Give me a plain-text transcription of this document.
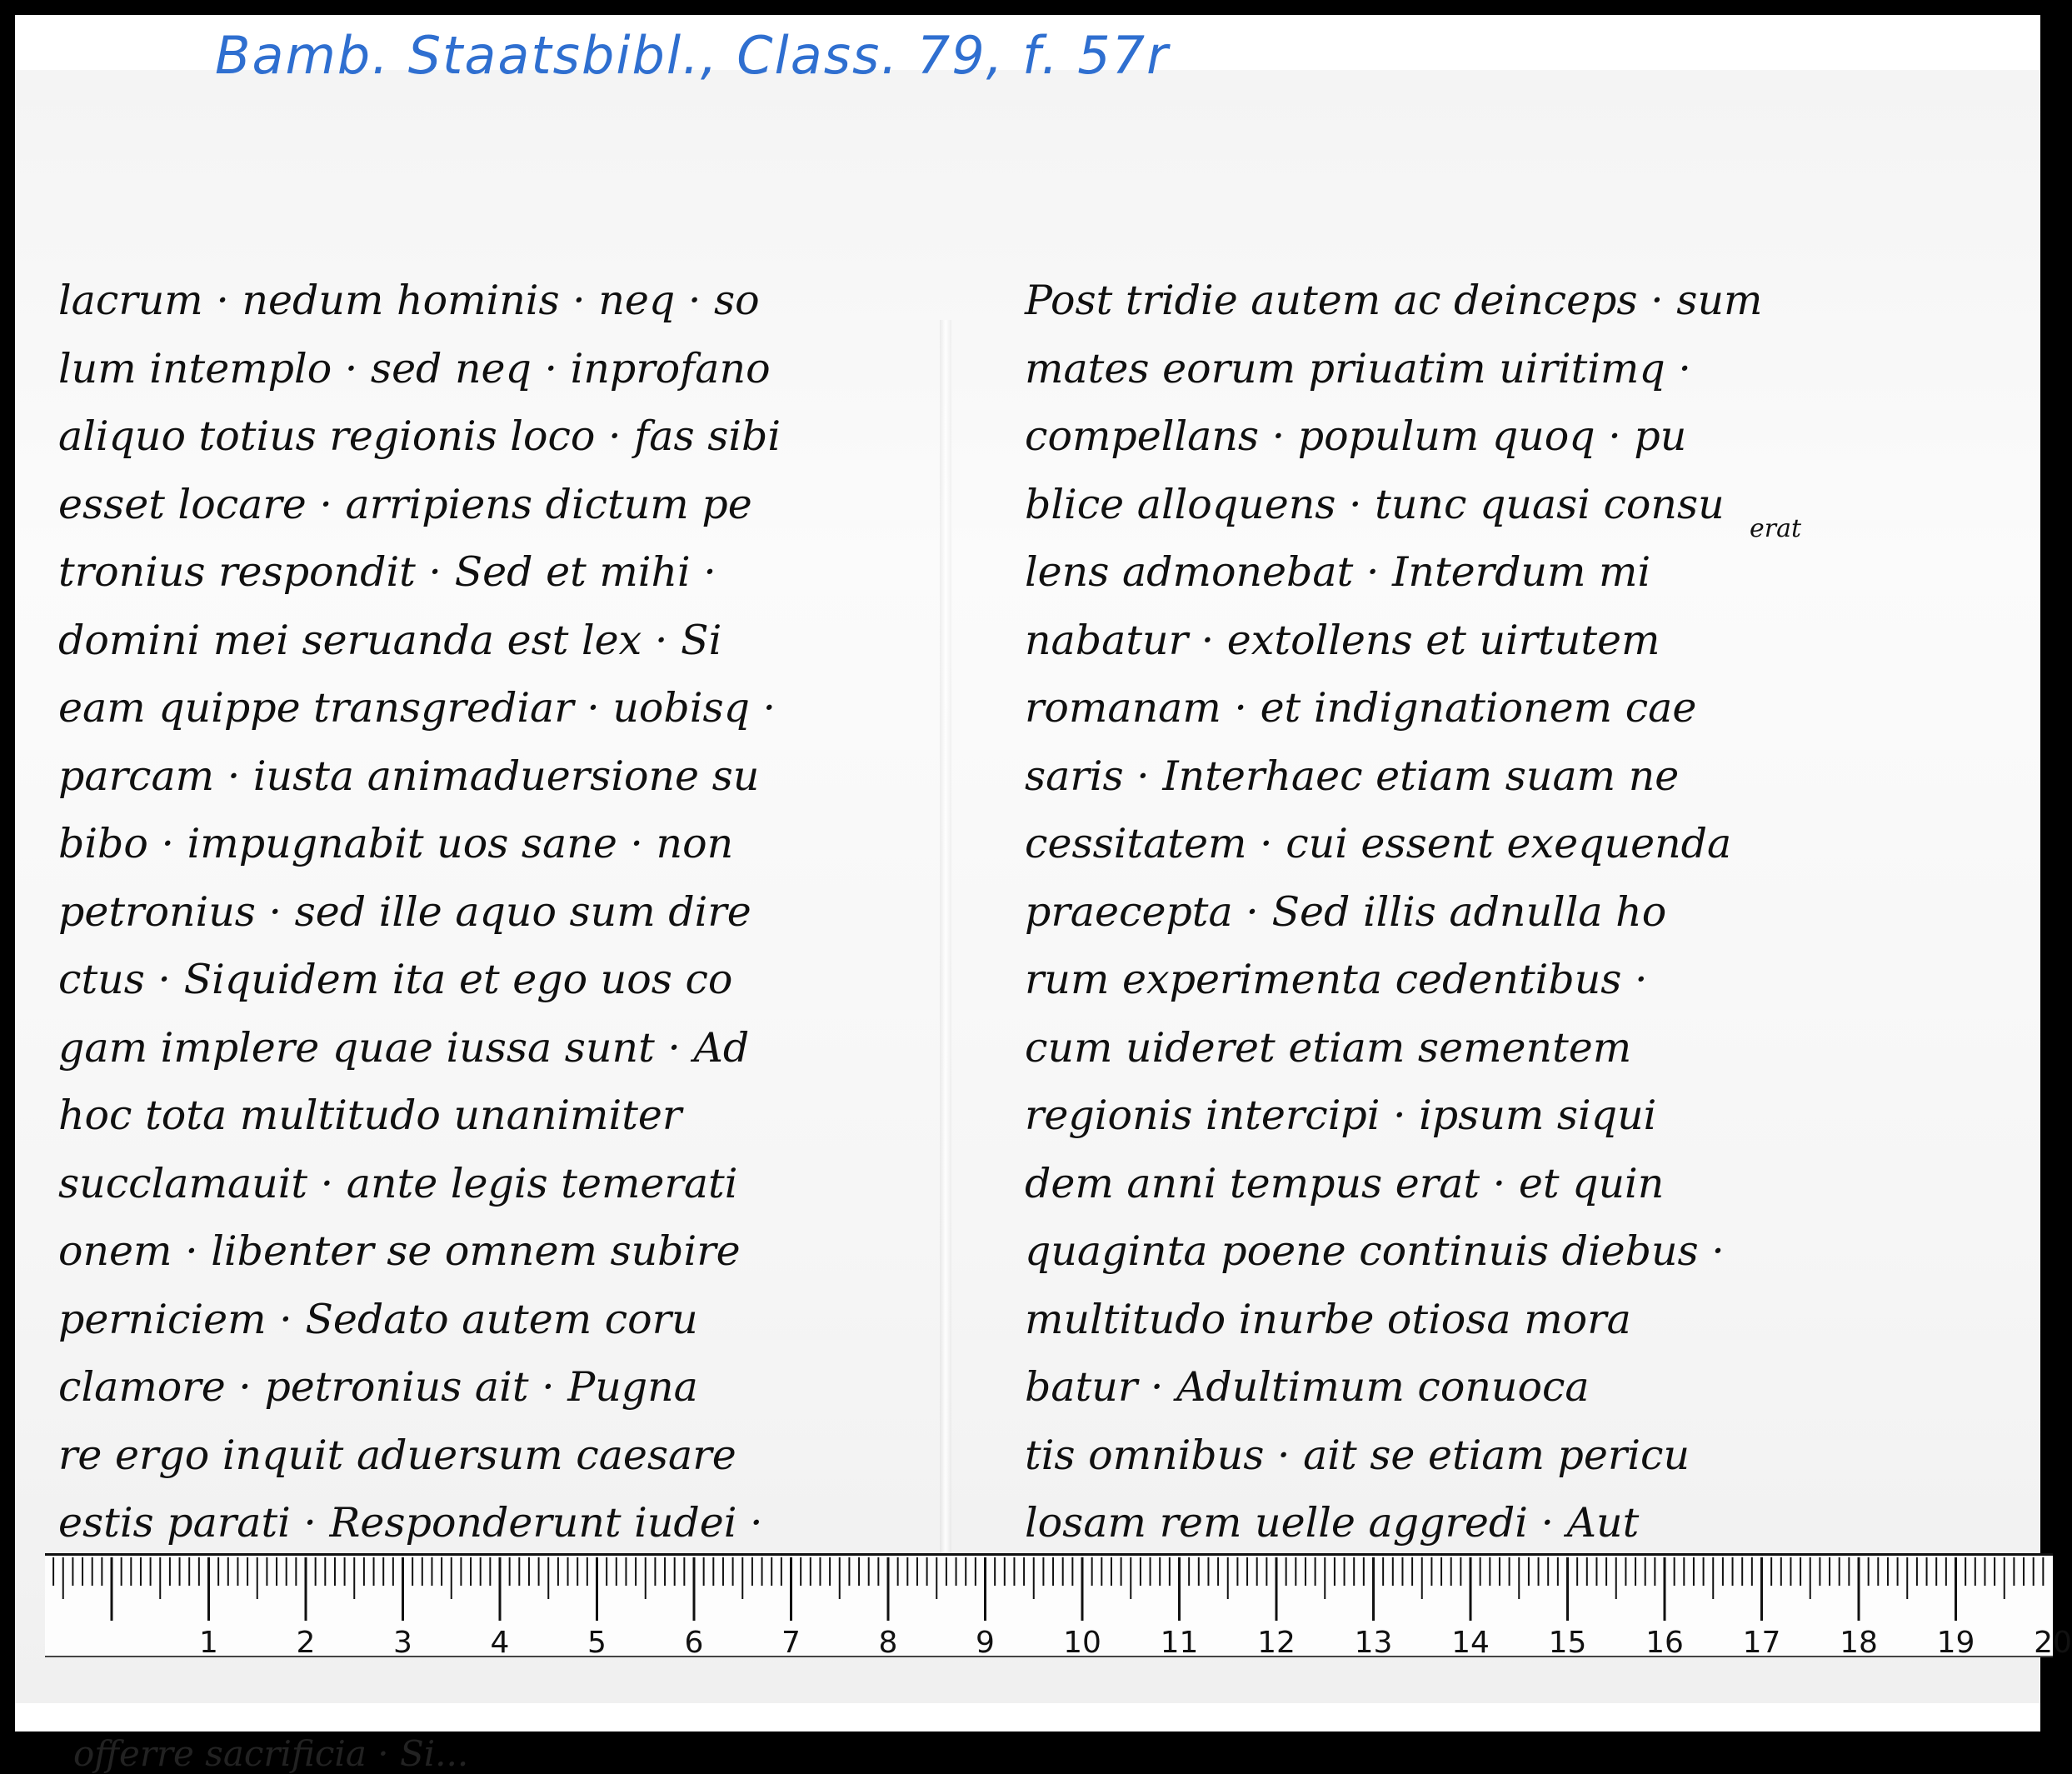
lacrum · nedum hominis · neq · so
lum intemplo · sed neq · inprofano
aliquo totius regionis loco · fas sibi
esset locare · arripiens dictum pe
tronius respondit · Sed et mihi ·
domini mei seruanda est lex · Si
eam quippe transgrediar · uobisq ·
parcam · iusta animaduersione su
bibo · impugnabit uos sane · non
petronius · sed ille aquo sum dire
ctus · Siquidem ita et ego uos co
gam implere quae iussa sunt · Ad
hoc tota multitudo unanimiter
succlamauit · ante legis temerati
onem · libenter se omnem subire
perniciem · Sedato autem coru
clamore · petronius ait · Pugna
re ergo inquit aduersum caesare
estis parati · Responderunt iudei ·
Post tridie autem ac deinceps · sum
mates eorum priuatim uiritimq ·
compellans · populum quoq · pu
blice alloquens · tunc quasi consu
lens admonebat · Interdum mi
nabatur · extollens et uirtutem
romanam · et indignationem cae
saris · Interhaec etiam suam ne
cessitatem · cui essent exequenda
praecepta · Sed illis adnulla ho
rum experimenta cedentibus ·
cum uideret etiam sementem
regionis intercipi · ipsum siqui
dem anni tempus erat · et quin
quaginta poene continuis diebus ·
multitudo inurbe otiosa mora
batur · Adultimum conuoca
tis omnibus · ait se etiam pericu
losam rem uelle aggredi · Aut
erat
offerre sacrificia · Si...
Bamb. Staatsbibl., Class. 79, f. 57r
1	2	3	4	5	6	7	8	9 10 11 12 13 14 15 16 17 18 19 20
